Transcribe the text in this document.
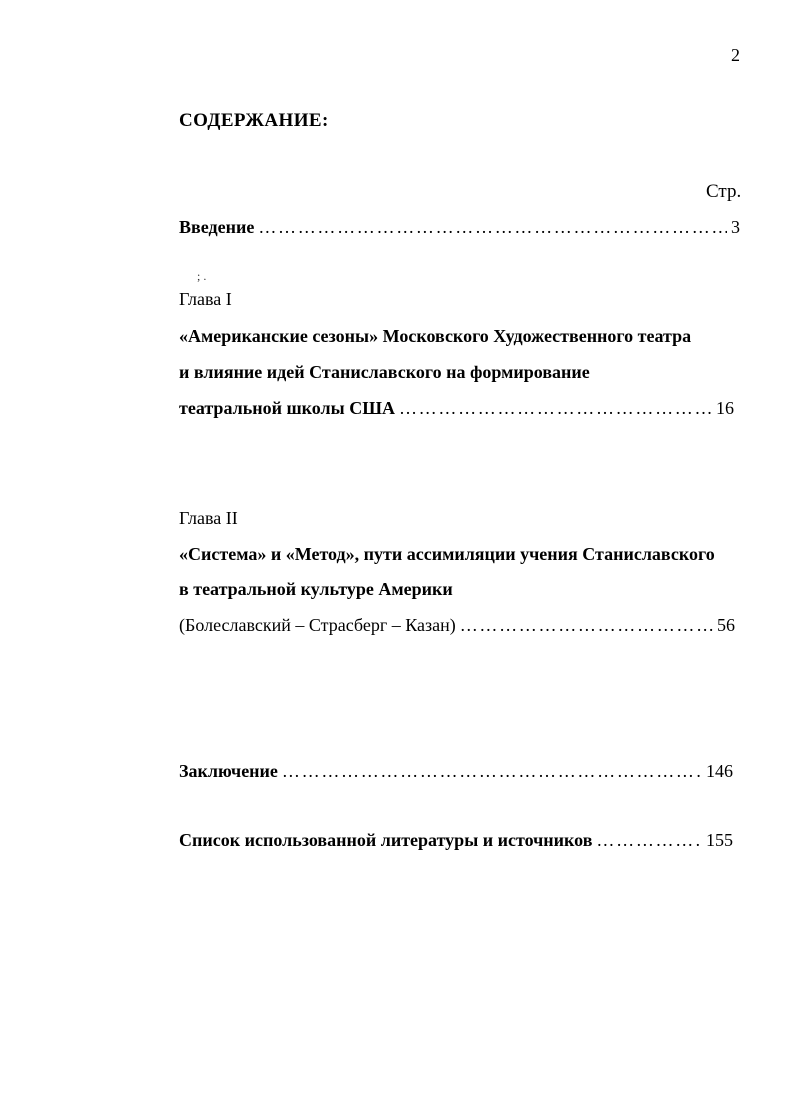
2
СОДЕРЖАНИЕ:
Стр.
Введение ……………………………………………………………………………………………………………………………………………………………………………………	3
; .
Глава I
«Американские сезоны» Московского Художественного театра
и влияние идей Станиславского на формирование
театральной школы США ……………………………………………………………………………………………………………………………………………………………………………………	16
Глава II
«Система» и «Метод», пути ассимиляции учения Станиславского
в театральной культуре Америки
(Болеславский – Страсберг – Казан) ……………………………………………………………………………………………………………………………………………………………………………………	56
Заключение ……………………………………………………………………………………………………………………………………………………………………………………	146
Список использованной литературы и источников ……………………………………………………………………………………………………………………………………………………………………………………	155
